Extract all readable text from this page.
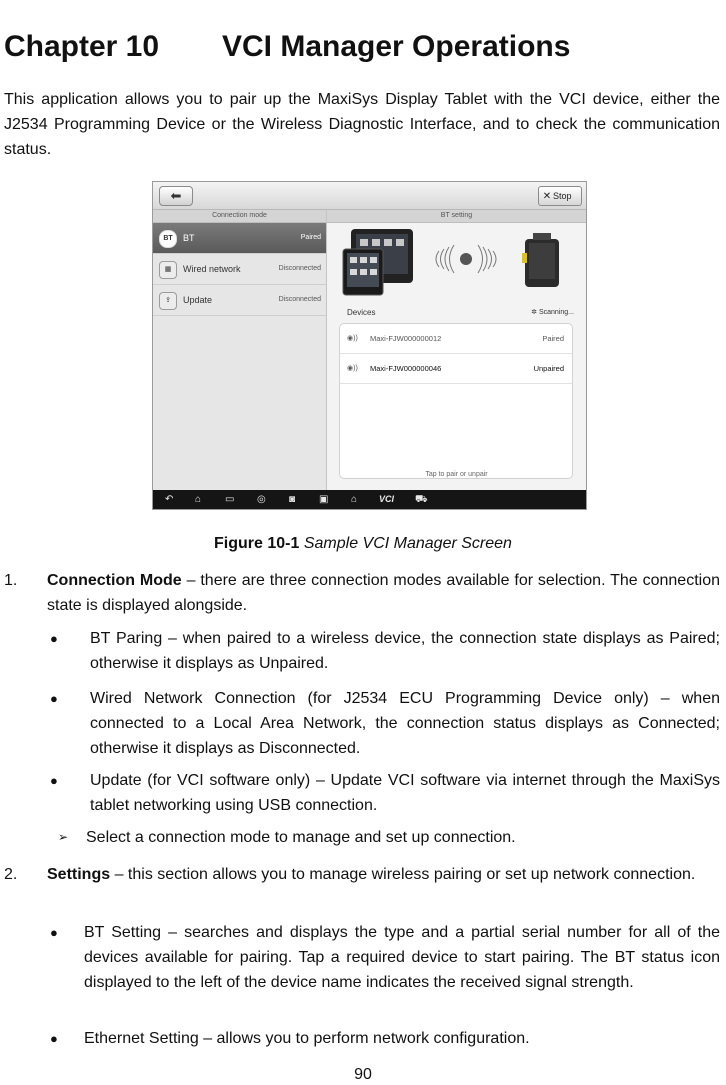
Chapter 10 VCI Manager Operations
This application allows you to pair up the MaxiSys Display Tablet with the VCI device, either the J2534 Programming Device or the Wireless Diagnostic Interface, and to check the communication status.
⬅	✕ Stop
Connection mode
BT	BT	Paired
▦	Wired network	Disconnected
⇪	Update	Disconnected
BT setting
Devices	✲ Scanning...
◉)) Maxi-FJW000000012	Paired
◉)) Maxi-FJW000000046	Unpaired
Tap to pair or unpair
↶ ⌂ ▭ ◎ ◙ ▣ ⌂ VCI ⛟
Figure 10-1 Sample VCI Manager Screen
1. Connection Mode – there are three connection modes available for selection. The connection state is displayed alongside.
● BT Paring – when paired to a wireless device, the connection state displays as Paired; otherwise it displays as Unpaired.
● Wired Network Connection (for J2534 ECU Programming Device only) – when connected to a Local Area Network, the connection status displays as Connected; otherwise it displays as Disconnected.
● Update (for VCI software only) – Update VCI software via internet through the MaxiSys tablet networking using USB connection.
➢ Select a connection mode to manage and set up connection.
2. Settings – this section allows you to manage wireless pairing or set up network connection.
● BT Setting – searches and displays the type and a partial serial number for all of the devices available for pairing. Tap a required device to start pairing. The BT status icon displayed to the left of the device name indicates the received signal strength.
● Ethernet Setting – allows you to perform network configuration.
90
